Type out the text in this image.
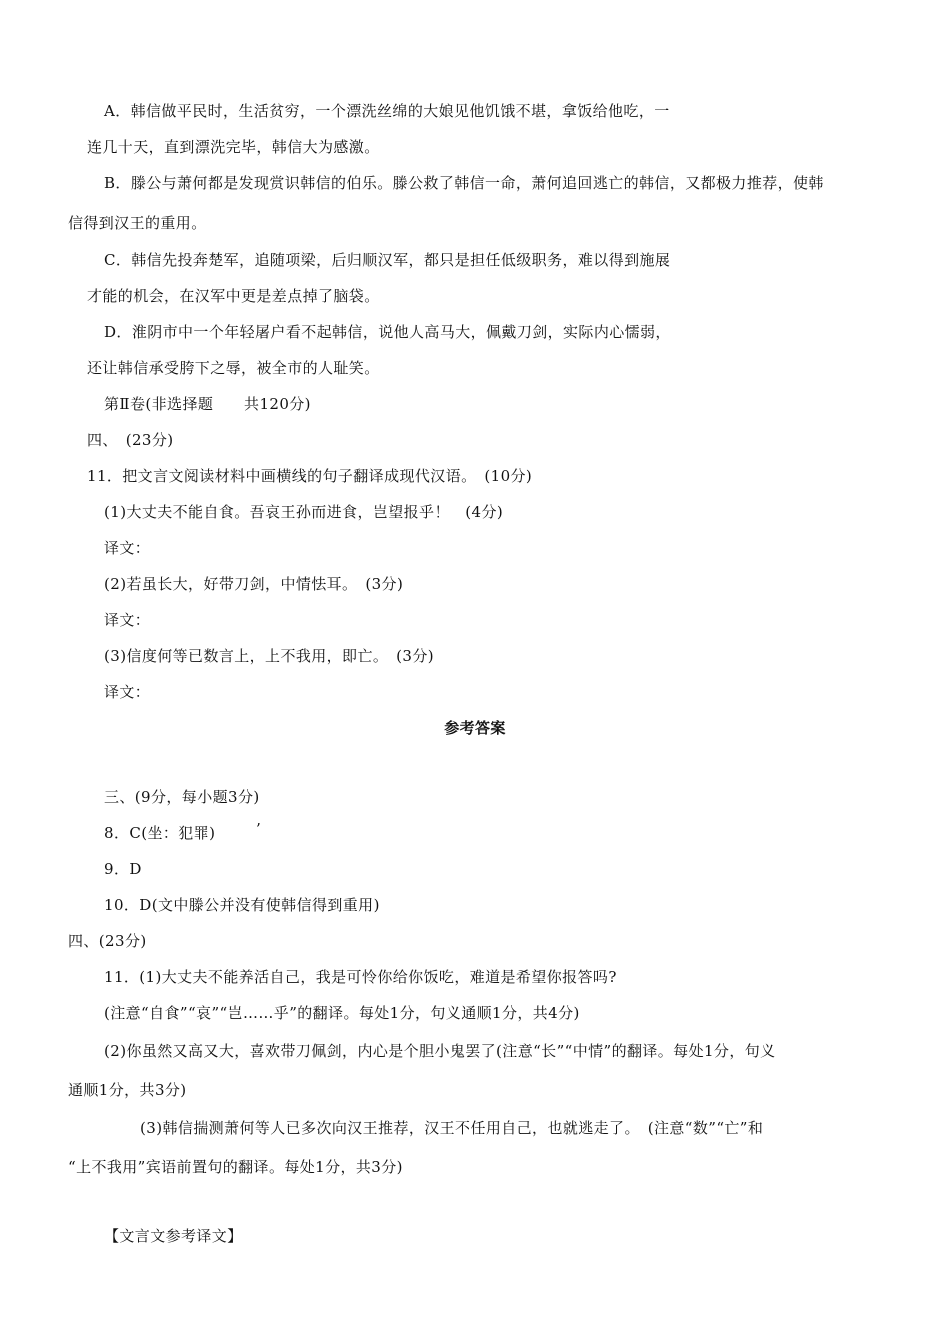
A．韩信做平民时，生活贫穷，一个漂洗丝绵的大娘见他饥饿不堪，拿饭给他吃，一
连几十天，直到漂洗完毕，韩信大为感激。
B．滕公与萧何都是发现赏识韩信的伯乐。滕公救了韩信一命，萧何追回逃亡的韩信，又都极力推荐，使韩
信得到汉王的重用。
C．韩信先投奔楚军，追随项梁，后归顺汉军，都只是担任低级职务，难以得到施展
才能的机会，在汉军中更是差点掉了脑袋。
D．淮阴市中一个年轻屠户看不起韩信，说他人高马大，佩戴刀剑，实际内心懦弱，
还让韩信承受胯下之辱，被全市的人耻笑。
第Ⅱ卷(非选择题　　共120分)
四、　(23分)
11．把文言文阅读材料中画横线的句子翻译成现代汉语。　(10分)
(1)大丈夫不能自食。吾哀王孙而进食，岂望报乎！　(4分)
译文：
(2)若虽长大，好带刀剑，中情怯耳。　(3分)
译文：
(3)信度何等已数言上，上不我用，即亡。　(3分)
译文：
参考答案
三、(9分，每小题3分)
8．C(坐：犯罪)	’
9．D
10．D(文中滕公并没有使韩信得到重用)
四、(23分)
11．(1)大丈夫不能养活自己，我是可怜你给你饭吃，难道是希望你报答吗?
(注意“自食”“哀”“岂……乎”的翻译。每处1分，句义通顺1分，共4分)
(2)你虽然又高又大，喜欢带刀佩剑，内心是个胆小鬼罢了(注意“长”“中情”的翻译。每处1分，句义
通顺1分，共3分)
(3)韩信揣测萧何等人已多次向汉王推荐，汉王不任用自己，也就逃走了。　(注意“数”“亡”和
“上不我用”宾语前置句的翻译。每处1分，共3分)
【文言文参考译文】
